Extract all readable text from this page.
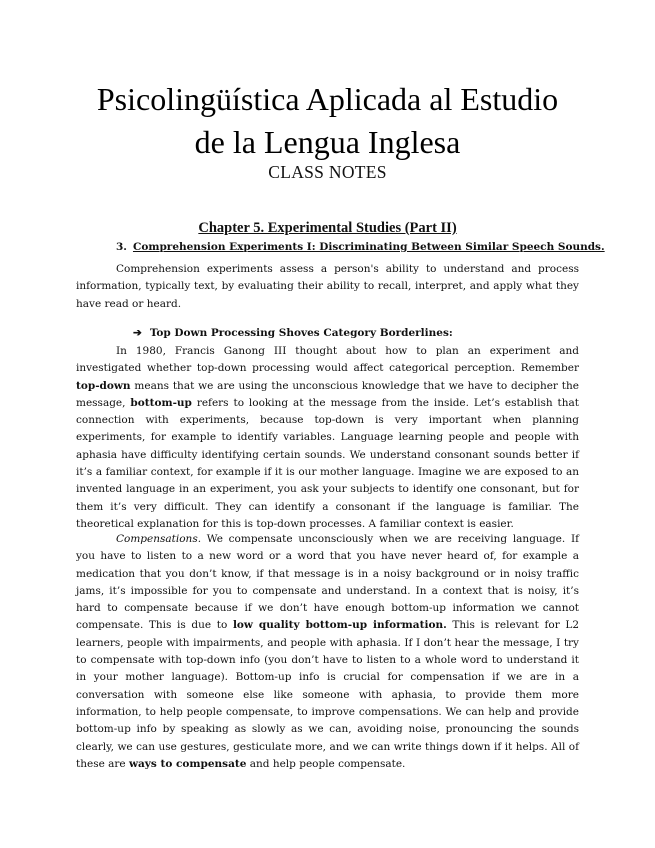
Psicolingüística Aplicada al Estudio
de la Lengua Inglesa
CLASS NOTES
Chapter 5. Experimental Studies (Part II)
3. Comprehension Experiments I: Discriminating Between Similar Speech Sounds.

Comprehension experiments assess a person's ability to understand and process information, typically text, by evaluating their ability to recall, interpret, and apply what they have read or heard.

➔ Top Down Processing Shoves Category Borderlines:

In 1980, Francis Ganong III thought about how to plan an experiment and investigated whether top-down processing would affect categorical perception. Remember top-down means that we are using the unconscious knowledge that we have to decipher the message, bottom-up refers to looking at the message from the inside. Let’s establish that connection with experiments, because top-down is very important when planning experiments, for example to identify variables. Language learning people and people with aphasia have difficulty identifying certain sounds. We understand consonant sounds better if it’s a familiar context, for example if it is our mother language. Imagine we are exposed to an invented language in an experiment, you ask your subjects to identify one consonant, but for them it’s very difficult. They can identify a consonant if the language is familiar. The theoretical explanation for this is top-down processes. A familiar context is easier.

Compensations. We compensate unconsciously when we are receiving language. If you have to listen to a new word or a word that you have never heard of, for example a medication that you don’t know, if that message is in a noisy background or in noisy traffic jams, it’s impossible for you to compensate and understand. In a context that is noisy, it’s hard to compensate because if we don’t have enough bottom-up information we cannot compensate. This is due to low quality bottom-up information. This is relevant for L2 learners, people with impairments, and people with aphasia. If I don’t hear the message, I try to compensate with top-down info (you don’t have to listen to a whole word to understand it in your mother language). Bottom-up info is crucial for compensation if we are in a conversation with someone else like someone with aphasia, to provide them more information, to help people compensate, to improve compensations. We can help and provide bottom-up info by speaking as slowly as we can, avoiding noise, pronouncing the sounds clearly, we can use gestures, gesticulate more, and we can write things down if it helps. All of these are ways to compensate and help people compensate.
